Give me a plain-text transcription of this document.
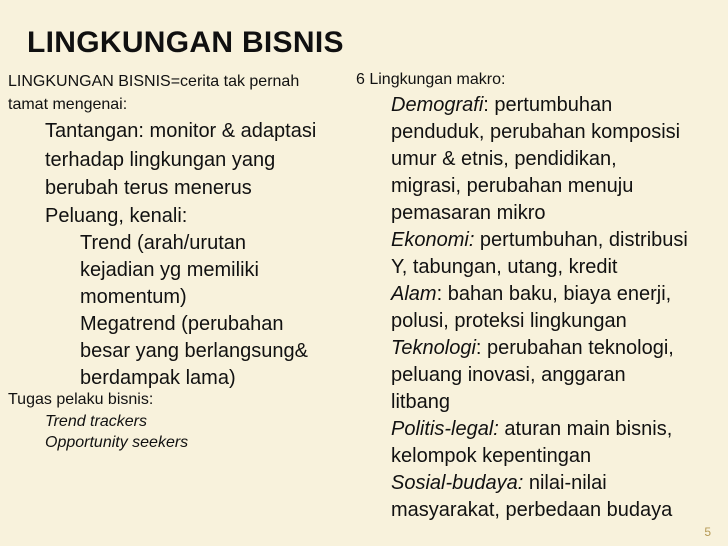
LINGKUNGAN BISNIS
LINGKUNGAN BISNIS=cerita tak pernah
tamat mengenai:
Tantangan: monitor & adaptasi
terhadap lingkungan yang
berubah terus menerus
Peluang, kenali:
Trend (arah/urutan
kejadian yg memiliki
momentum)
Megatrend (perubahan
besar yang berlangsung&
berdampak lama)
Tugas pelaku bisnis:
Trend trackers
Opportunity seekers
6 Lingkungan makro:
Demografi: pertumbuhan
penduduk, perubahan komposisi
umur & etnis, pendidikan,
migrasi, perubahan menuju
pemasaran mikro
Ekonomi: pertumbuhan, distribusi
Y, tabungan, utang, kredit
Alam: bahan baku, biaya enerji,
polusi, proteksi lingkungan
Teknologi: perubahan teknologi,
peluang inovasi, anggaran
litbang
Politis-legal: aturan main bisnis,
kelompok kepentingan
Sosial-budaya: nilai-nilai
masyarakat, perbedaan budaya
5
